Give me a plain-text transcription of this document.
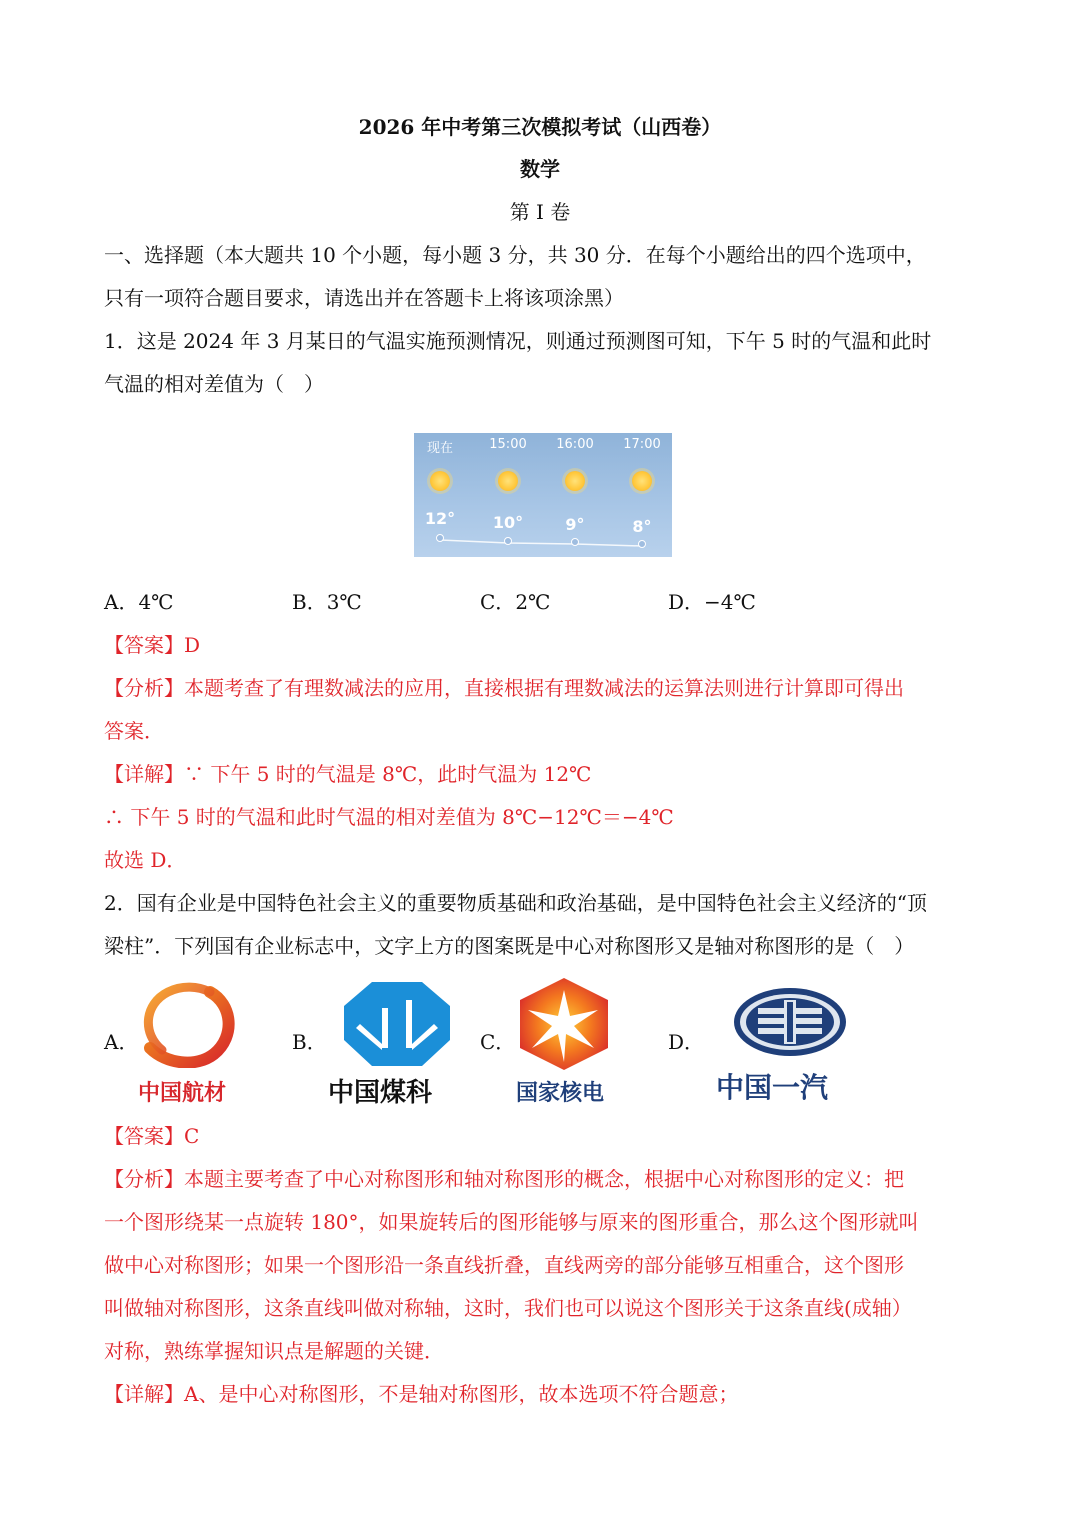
2026 年中考第三次模拟考试（山西卷）
数学
第 I 卷
一、选择题（本大题共 10 个小题，每小题 3 分，共 30 分．在每个小题给出的四个选项中，
只有一项符合题目要求，请选出并在答题卡上将该项涂黑）
1．这是 2024 年 3 月某日的气温实施预测情况，则通过预测图可知，下午 5 时的气温和此时
气温的相对差值为（　）
现在
12°
15:00
10°
16:00
9°
17:00
8°
A．4℃	B．3℃	C．2℃	D．−4℃
【答案】D
【分析】本题考查了有理数减法的应用，直接根据有理数减法的运算法则进行计算即可得出
答案．
【详解】∵ 下午 5 时的气温是 8℃，此时气温为 12℃
∴ 下午 5 时的气温和此时气温的相对差值为 8℃−12℃＝−4℃
故选 D．
2．国有企业是中国特色社会主义的重要物质基础和政治基础，是中国特色社会主义经济的“顶
梁柱”．下列国有企业标志中，文字上方的图案既是中心对称图形又是轴对称图形的是（　）
A．
中国航材
B．
中国煤科
C．
国家核电
D．
中国一汽
【答案】C
【分析】本题主要考查了中心对称图形和轴对称图形的概念，根据中心对称图形的定义：把
一个图形绕某一点旋转 180°，如果旋转后的图形能够与原来的图形重合，那么这个图形就叫
做中心对称图形；如果一个图形沿一条直线折叠，直线两旁的部分能够互相重合，这个图形
叫做轴对称图形，这条直线叫做对称轴，这时，我们也可以说这个图形关于这条直线(成轴）
对称，熟练掌握知识点是解题的关键．
【详解】A、是中心对称图形，不是轴对称图形，故本选项不符合题意；
